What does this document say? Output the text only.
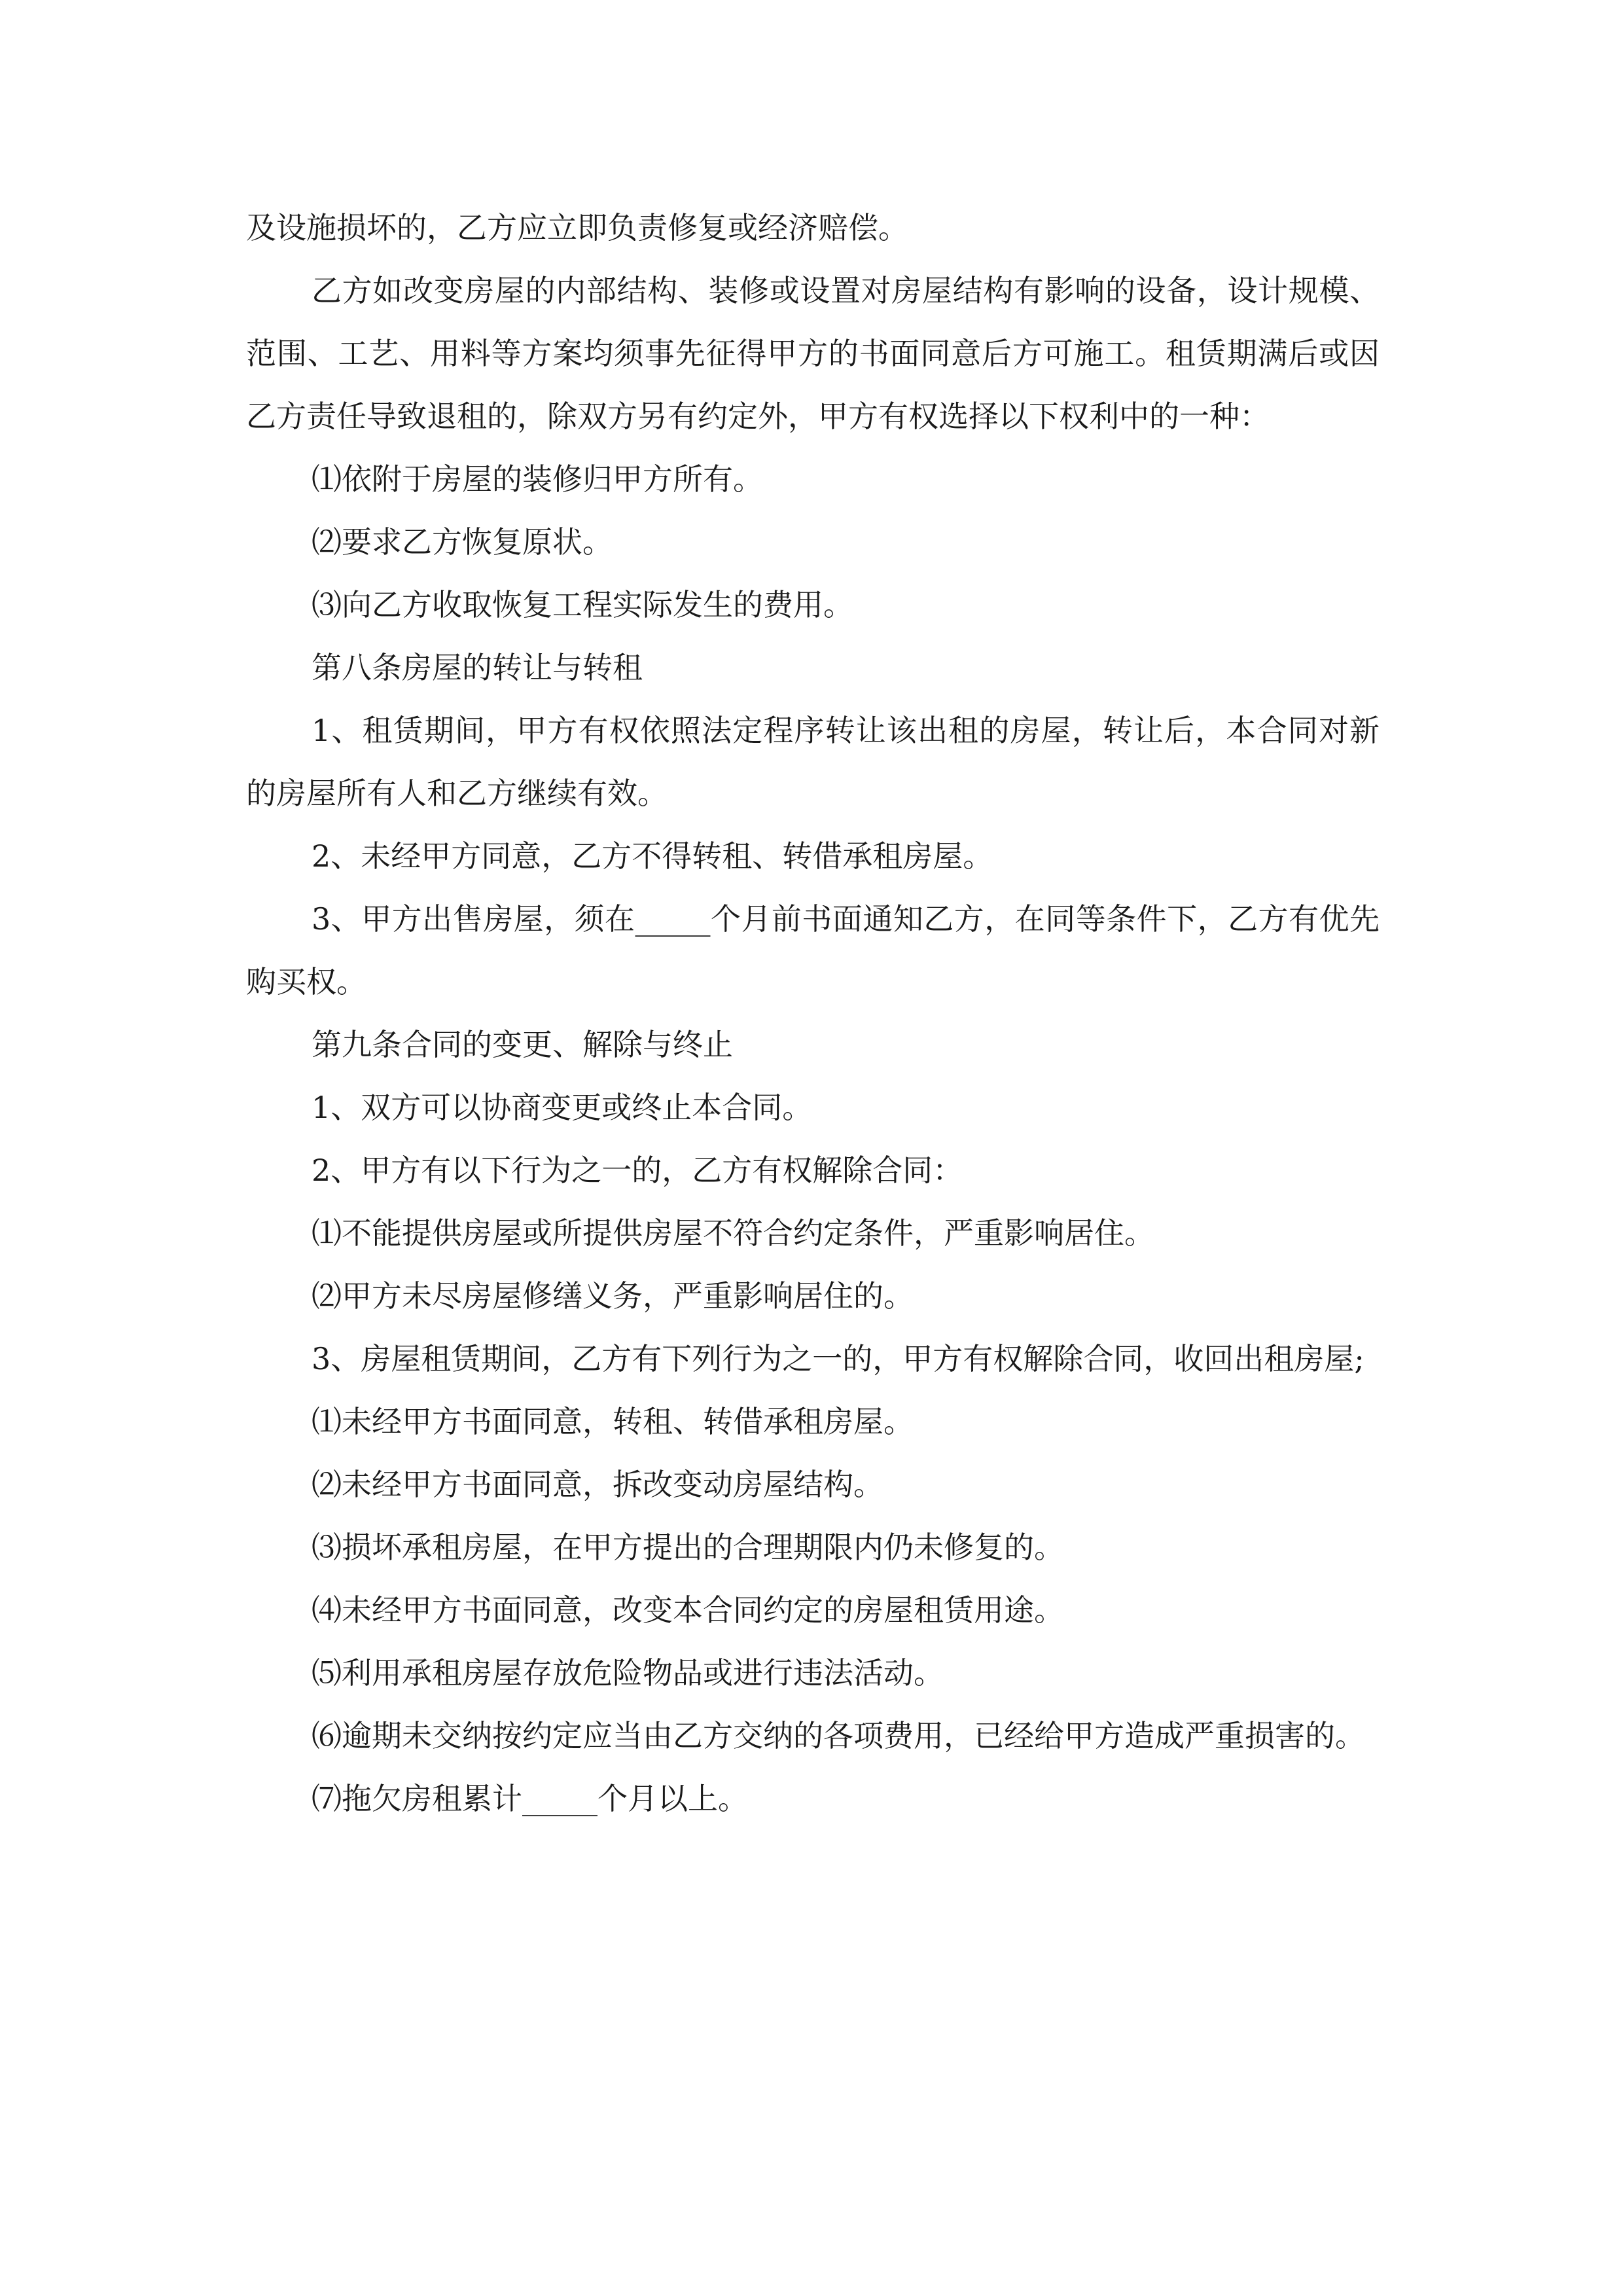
及设施损坏的，乙方应立即负责修复或经济赔偿。

乙方如改变房屋的内部结构、装修或设置对房屋结构有影响的设备，设计规模、范围、工艺、用料等方案均须事先征得甲方的书面同意后方可施工。租赁期满后或因乙方责任导致退租的，除双方另有约定外，甲方有权选择以下权利中的一种：

⑴依附于房屋的装修归甲方所有。

⑵要求乙方恢复原状。

⑶向乙方收取恢复工程实际发生的费用。

第八条房屋的转让与转租

1、租赁期间，甲方有权依照法定程序转让该出租的房屋，转让后，本合同对新的房屋所有人和乙方继续有效。

2、未经甲方同意，乙方不得转租、转借承租房屋。

3、甲方出售房屋，须在_____个月前书面通知乙方，在同等条件下，乙方有优先购买权。

第九条合同的变更、解除与终止

1、双方可以协商变更或终止本合同。

2、甲方有以下行为之一的，乙方有权解除合同：

⑴不能提供房屋或所提供房屋不符合约定条件，严重影响居住。

⑵甲方未尽房屋修缮义务，严重影响居住的。

3、房屋租赁期间，乙方有下列行为之一的，甲方有权解除合同，收回出租房屋;

⑴未经甲方书面同意，转租、转借承租房屋。

⑵未经甲方书面同意，拆改变动房屋结构。

⑶损坏承租房屋，在甲方提出的合理期限内仍未修复的。

⑷未经甲方书面同意，改变本合同约定的房屋租赁用途。

⑸利用承租房屋存放危险物品或进行违法活动。

⑹逾期未交纳按约定应当由乙方交纳的各项费用，已经给甲方造成严重损害的。

⑺拖欠房租累计_____个月以上。
